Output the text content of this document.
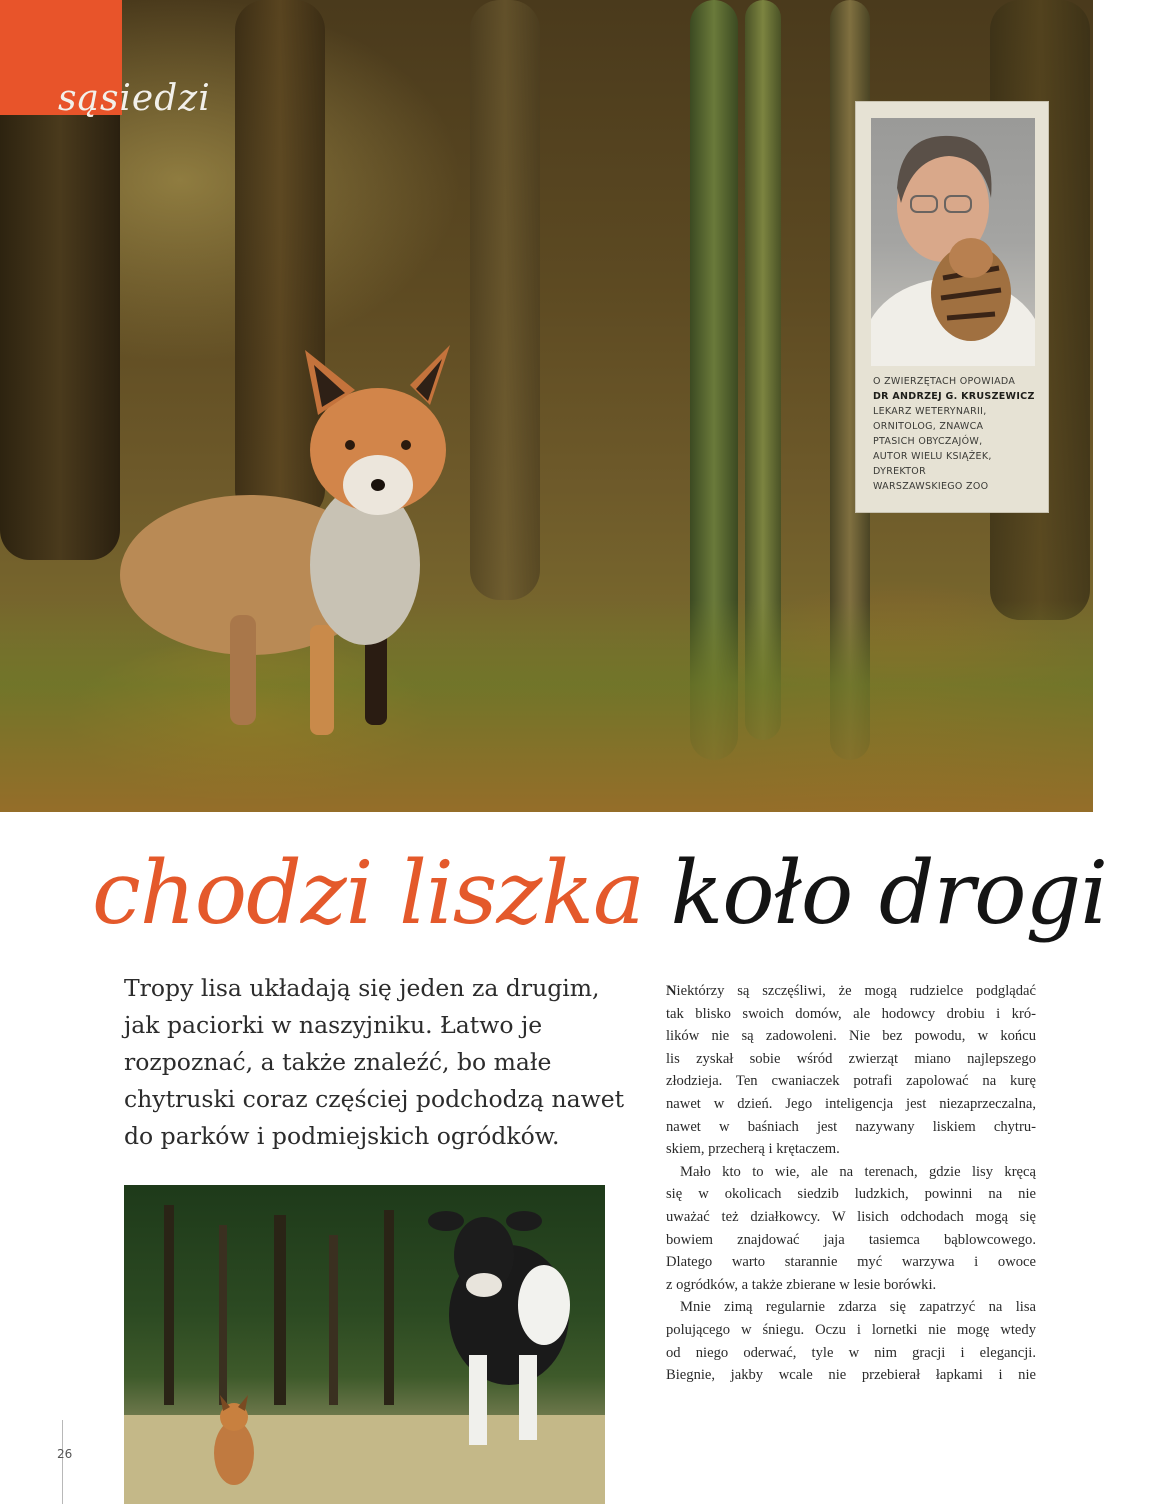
sąsiedzi
O ZWIERZĘTACH OPOWIADA
DR ANDRZEJ G. KRUSZEWICZ
LEKARZ WETERYNARII,
ORNITOLOG, ZNAWCA
PTASICH OBYCZAJÓW,
AUTOR WIELU KSIĄŻEK,
DYREKTOR
WARSZAWSKIEGO ZOO
chodzi liszka koło drogi
Tropy lisa układają się jeden za drugim,
jak paciorki w naszyjniku. Łatwo je
rozpoznać, a także znaleźć, bo małe
chytruski coraz częściej podchodzą nawet
do parków i podmiejskich ogródków.
Niektórzy są szczęśliwi, że mogą rudzielce podglądać
tak blisko swoich domów, ale hodowcy drobiu i kró-
lików nie są zadowoleni. Nie bez powodu, w końcu
lis zyskał sobie wśród zwierząt miano najlepszego
złodzieja. Ten cwaniaczek potrafi zapolować na kurę
nawet w dzień. Jego inteligencja jest niezaprzeczalna,
nawet w baśniach jest nazywany liskiem chytru-
skiem, przecherą i krętaczem.
Mało kto to wie, ale na terenach, gdzie lisy kręcą
się w okolicach siedzib ludzkich, powinni na nie
uważać też działkowcy. W lisich odchodach mogą się
bowiem znajdować jaja tasiemca bąblowcowego.
Dlatego warto starannie myć warzywa i owoce
z ogródków, a także zbierane w lesie borówki.
Mnie zimą regularnie zdarza się zapatrzyć na lisa
polującego w śniegu. Oczu i lornetki nie mogę wtedy
od niego oderwać, tyle w nim gracji i elegancji.
Biegnie, jakby wcale nie przebierał łapkami i nie
26
